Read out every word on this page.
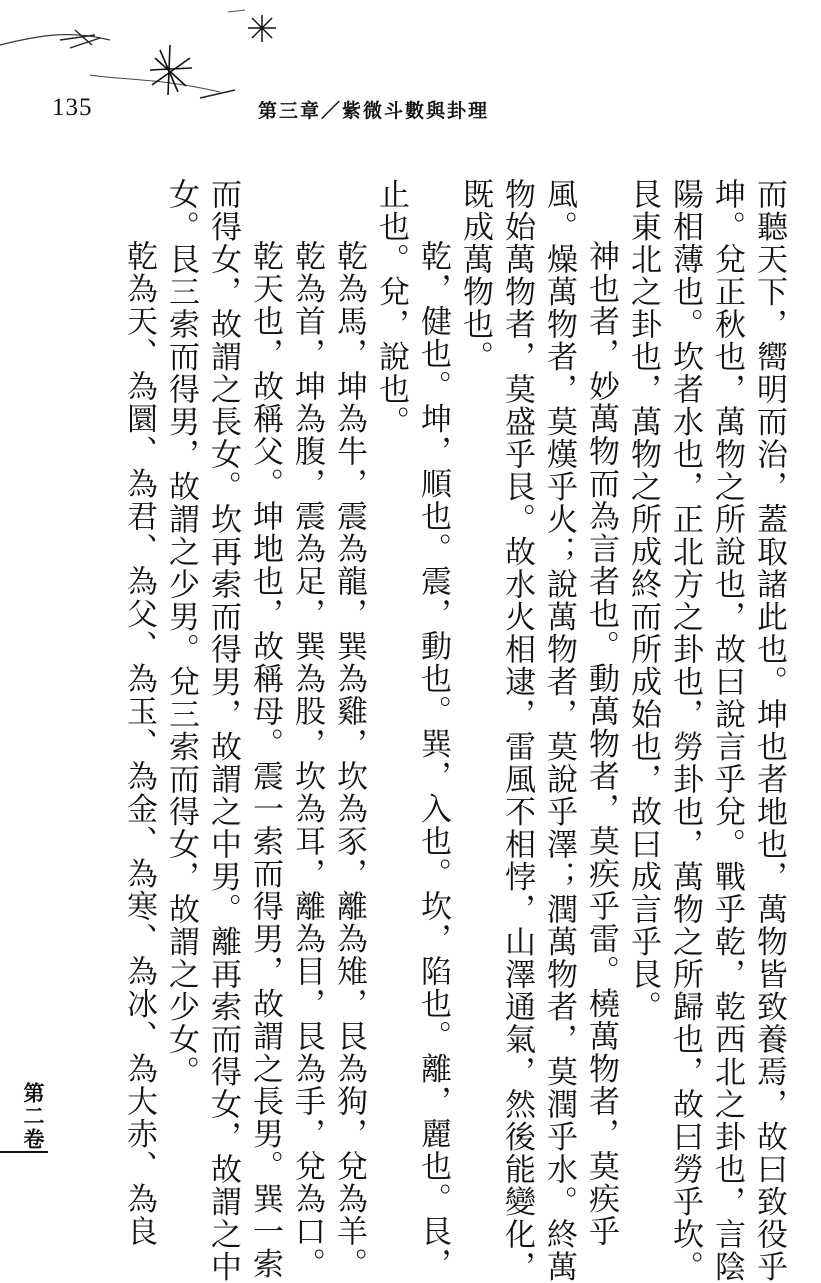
135	第三章／紫微斗數與卦理
而聽天下，嚮明而治，蓋取諸此也。坤也者地也，萬物皆致養焉，故曰致役乎
坤。兌正秋也，萬物之所說也，故曰說言乎兌。戰乎乾，乾西北之卦也，言陰
陽相薄也。坎者水也，正北方之卦也，勞卦也，萬物之所歸也，故曰勞乎坎。
艮東北之卦也，萬物之所成終而所成始也，故曰成言乎艮。
神也者，妙萬物而為言者也。動萬物者，莫疾乎雷。橈萬物者，莫疾乎
風。燥萬物者，莫熯乎火；說萬物者，莫說乎澤；潤萬物者，莫潤乎水。終萬
物始萬物者，莫盛乎艮。故水火相逮，雷風不相悖，山澤通氣，然後能變化，
既成萬物也。
乾，健也。坤，順也。震，動也。巽，入也。坎，陷也。離，麗也。艮，
止也。兌，說也。
乾為馬，坤為牛，震為龍，巽為雞，坎為豕，離為雉，艮為狗，兌為羊。
乾為首，坤為腹，震為足，巽為股，坎為耳，離為目，艮為手，兌為口。
乾天也，故稱父。坤地也，故稱母。震一索而得男，故謂之長男。巽一索
而得女，故謂之長女。坎再索而得男，故謂之中男。離再索而得女，故謂之中
女。艮三索而得男，故謂之少男。兌三索而得女，故謂之少女。
乾為天、為圜、為君、為父、為玉、為金、為寒、為冰、為大赤、為良
第二卷
